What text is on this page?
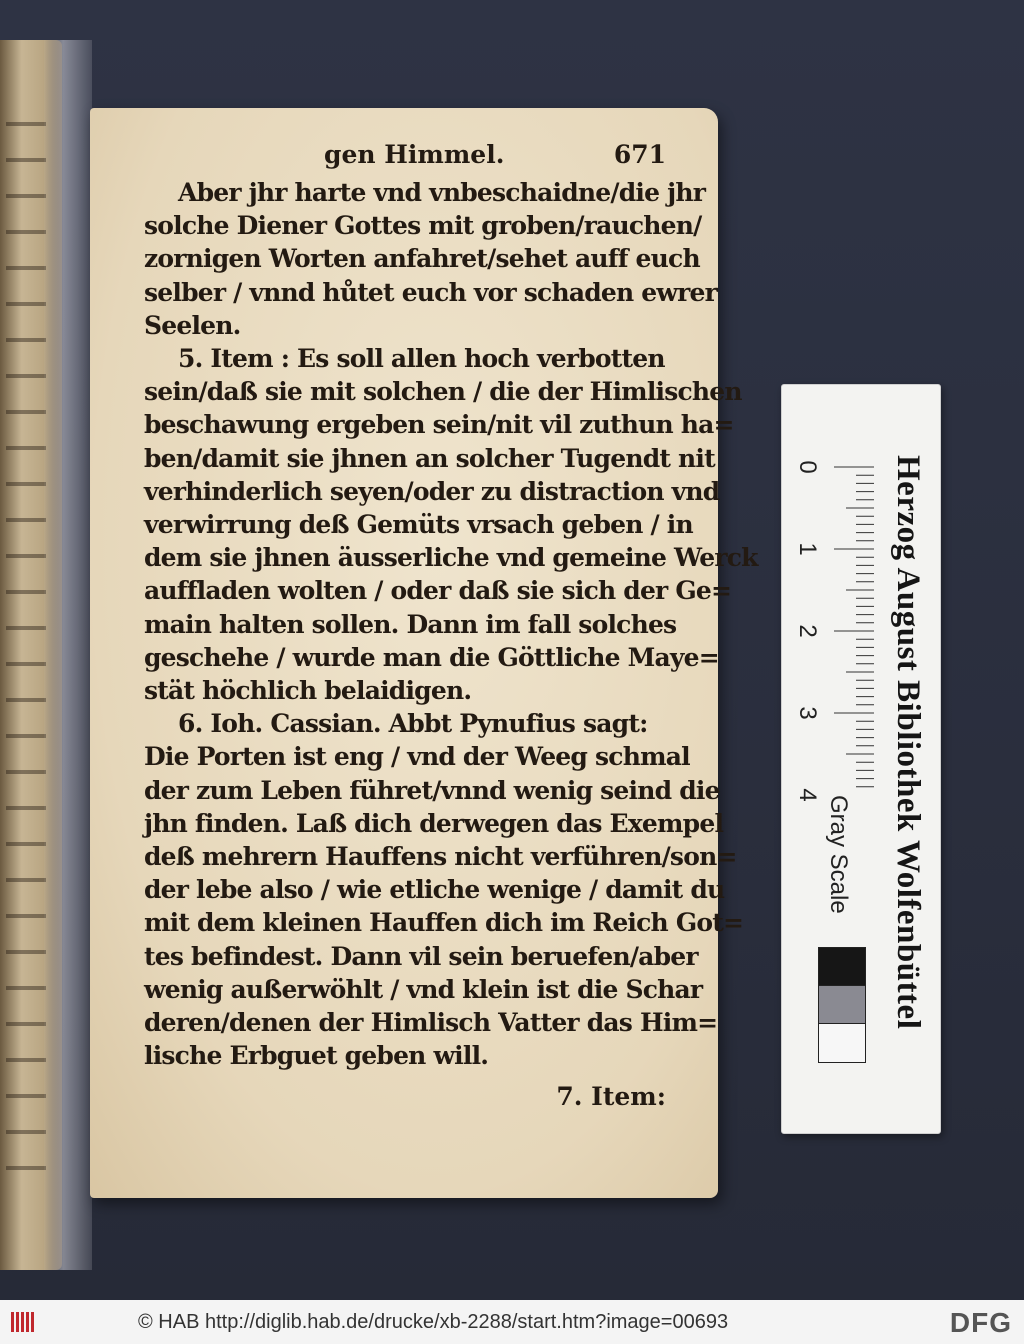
gen Himmel.	671
Aber jhr harte vnd vnbeschaidne/die jhr
solche Diener Gottes mit groben/rauchen/
zornigen Worten anfahret/sehet auff euch
selber / vnnd hůtet euch vor schaden ewrer
Seelen.
5. Item : Es soll allen hoch verbotten
sein/daß sie mit solchen / die der Himlischen
beschawung ergeben sein/nit vil zuthun ha=
ben/damit sie jhnen an solcher Tugendt nit
verhinderlich seyen/oder zu distraction vnd
verwirrung deß Gemüts vrsach geben / in
dem sie jhnen äusserliche vnd gemeine Werck
auffladen wolten / oder daß sie sich der Ge=
main halten sollen. Dann im fall solches
geschehe / wurde man die Göttliche Maye=
stät höchlich belaidigen.
6. Ioh. Cassian. Abbt Pynufius sagt:
Die Porten ist eng / vnd der Weeg schmal
der zum Leben führet/vnnd wenig seind die
jhn finden. Laß dich derwegen das Exempel
deß mehrern Hauffens nicht verführen/son=
der lebe also / wie etliche wenige / damit du
mit dem kleinen Hauffen dich im Reich Got=
tes befindest. Dann vil sein beruefen/aber
wenig außerwöhlt / vnd klein ist die Schar
deren/denen der Himlisch Vatter das Him=
lische Erbguet geben will.
7. Item:
Herzog August Bibliothek Wolfenbüttel
0
1
2
3
4
Gray Scale
© HAB http://diglib.hab.de/drucke/xb-2288/start.htm?image=00693	DFG
